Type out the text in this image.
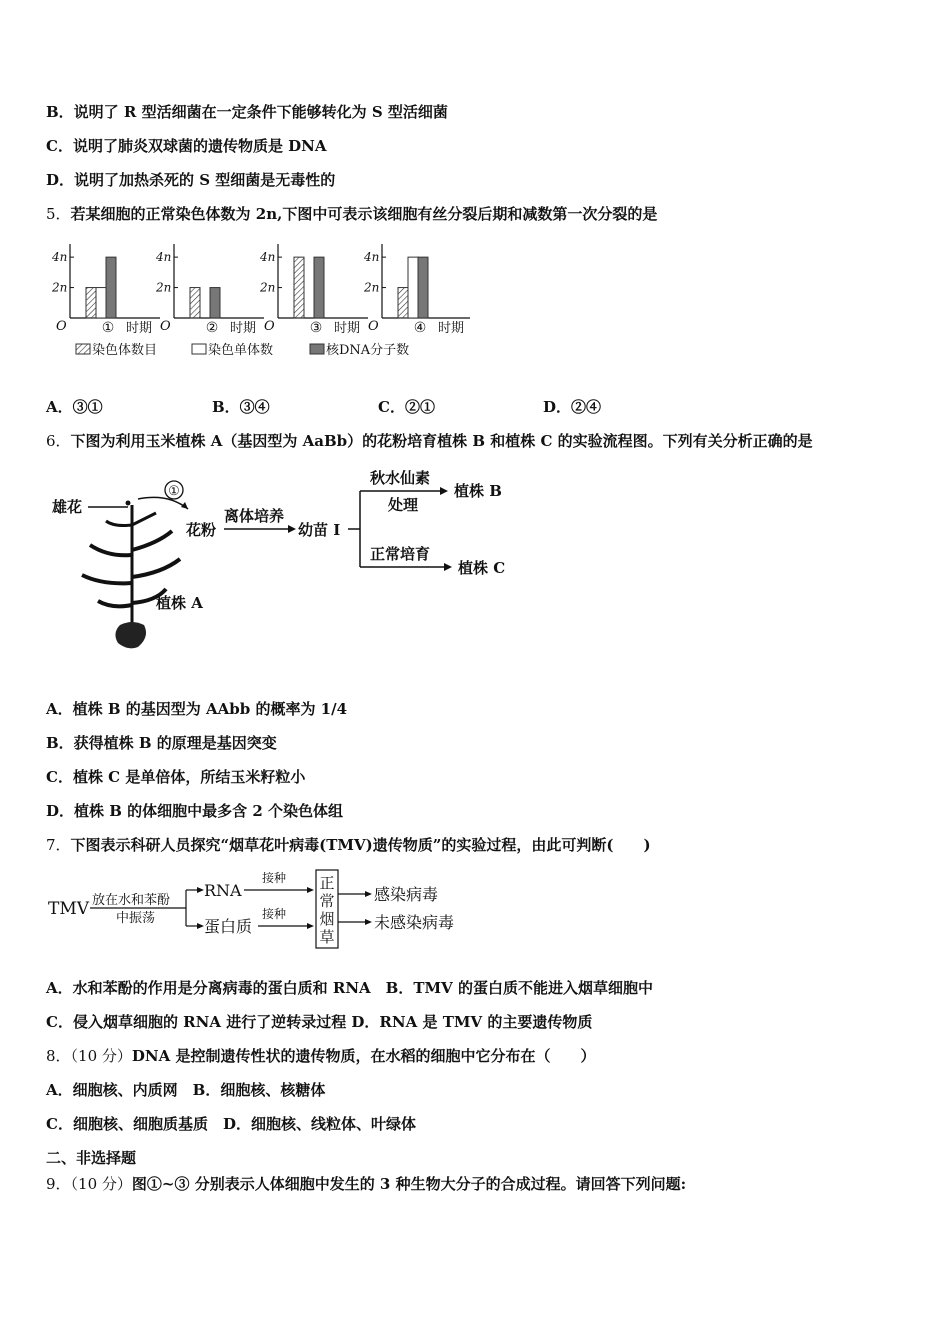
B．说明了 R 型活细菌在一定条件下能够转化为 S 型活细菌
C．说明了肺炎双球菌的遗传物质是 DNA
D．说明了加热杀死的 S 型细菌是无毒性的
5．若某细胞的正常染色体数为 2n,下图中可表示该细胞有丝分裂后期和减数第一次分裂的是
2n
4n
O	① 时期
2n
4n
O	② 时期
2n
4n
O	③ 时期
2n
4n
O	④ 时期
染色体数目	染色单体数	核DNA分子数
A．③①	B．③④	C．②①	D．②④
6．下图为利用玉米植株 A（基因型为 AaBb）的花粉培育植株 B 和植株 C 的实验流程图。下列有关分析正确的是
雄花
①
花粉
离体培养
幼苗 I
秋水仙素
处理
植株 B
正常培育
植株 C
植株 A
A．植株 B 的基因型为 AAbb 的概率为 1/4
B．获得植株 B 的原理是基因突变
C．植株 C 是单倍体，所结玉米籽粒小
D．植株 B 的体细胞中最多含 2 个染色体组
7．下图表示科研人员探究“烟草花叶病毒(TMV)遗传物质”的实验过程，由此可判断(　　)
TMV 放在水和苯酚
中振荡
RNA
蛋白质
接种
接种
正
常
烟
草
感染病毒
未感染病毒
A．水和苯酚的作用是分离病毒的蛋白质和 RNA　B．TMV 的蛋白质不能进入烟草细胞中
C．侵入烟草细胞的 RNA 进行了逆转录过程 D．RNA 是 TMV 的主要遗传物质
8．（10 分）DNA 是控制遗传性状的遗传物质，在水稻的细胞中它分布在（　　）
A．细胞核、内质网　B．细胞核、核糖体
C．细胞核、细胞质基质　D．细胞核、线粒体、叶绿体
二、非选择题
9．（10 分）图①~③ 分别表示人体细胞中发生的 3 种生物大分子的合成过程。请回答下列问题:
